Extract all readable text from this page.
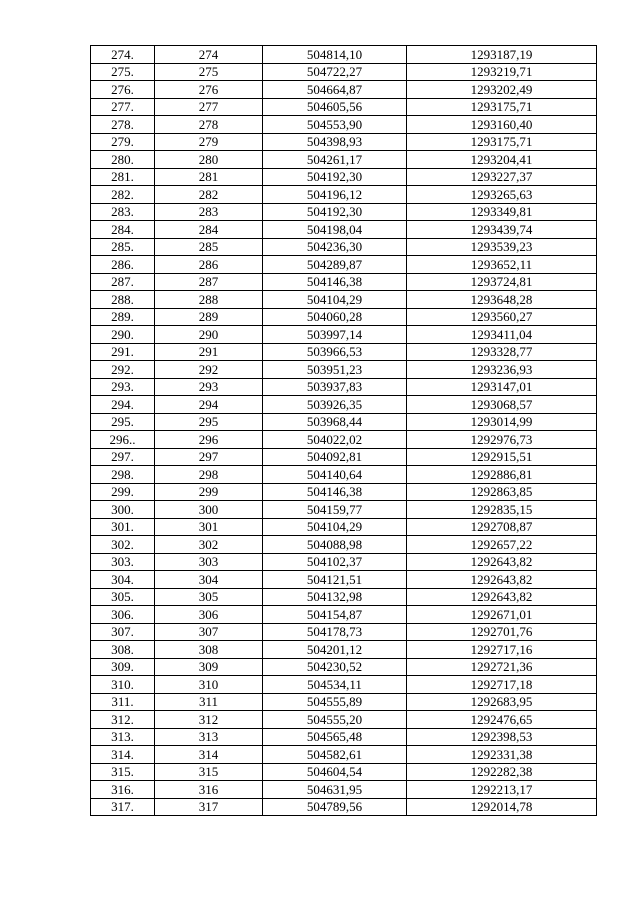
274.	274	504814,10	1293187,19
275.	275	504722,27	1293219,71
276.	276	504664,87	1293202,49
277.	277	504605,56	1293175,71
278.	278	504553,90	1293160,40
279.	279	504398,93	1293175,71
280.	280	504261,17	1293204,41
281.	281	504192,30	1293227,37
282.	282	504196,12	1293265,63
283.	283	504192,30	1293349,81
284.	284	504198,04	1293439,74
285.	285	504236,30	1293539,23
286.	286	504289,87	1293652,11
287.	287	504146,38	1293724,81
288.	288	504104,29	1293648,28
289.	289	504060,28	1293560,27
290.	290	503997,14	1293411,04
291.	291	503966,53	1293328,77
292.	292	503951,23	1293236,93
293.	293	503937,83	1293147,01
294.	294	503926,35	1293068,57
295.	295	503968,44	1293014,99
296..	296	504022,02	1292976,73
297.	297	504092,81	1292915,51
298.	298	504140,64	1292886,81
299.	299	504146,38	1292863,85
300.	300	504159,77	1292835,15
301.	301	504104,29	1292708,87
302.	302	504088,98	1292657,22
303.	303	504102,37	1292643,82
304.	304	504121,51	1292643,82
305.	305	504132,98	1292643,82
306.	306	504154,87	1292671,01
307.	307	504178,73	1292701,76
308.	308	504201,12	1292717,16
309.	309	504230,52	1292721,36
310.	310	504534,11	1292717,18
311.	311	504555,89	1292683,95
312.	312	504555,20	1292476,65
313.	313	504565,48	1292398,53
314.	314	504582,61	1292331,38
315.	315	504604,54	1292282,38
316.	316	504631,95	1292213,17
317.	317	504789,56	1292014,78
